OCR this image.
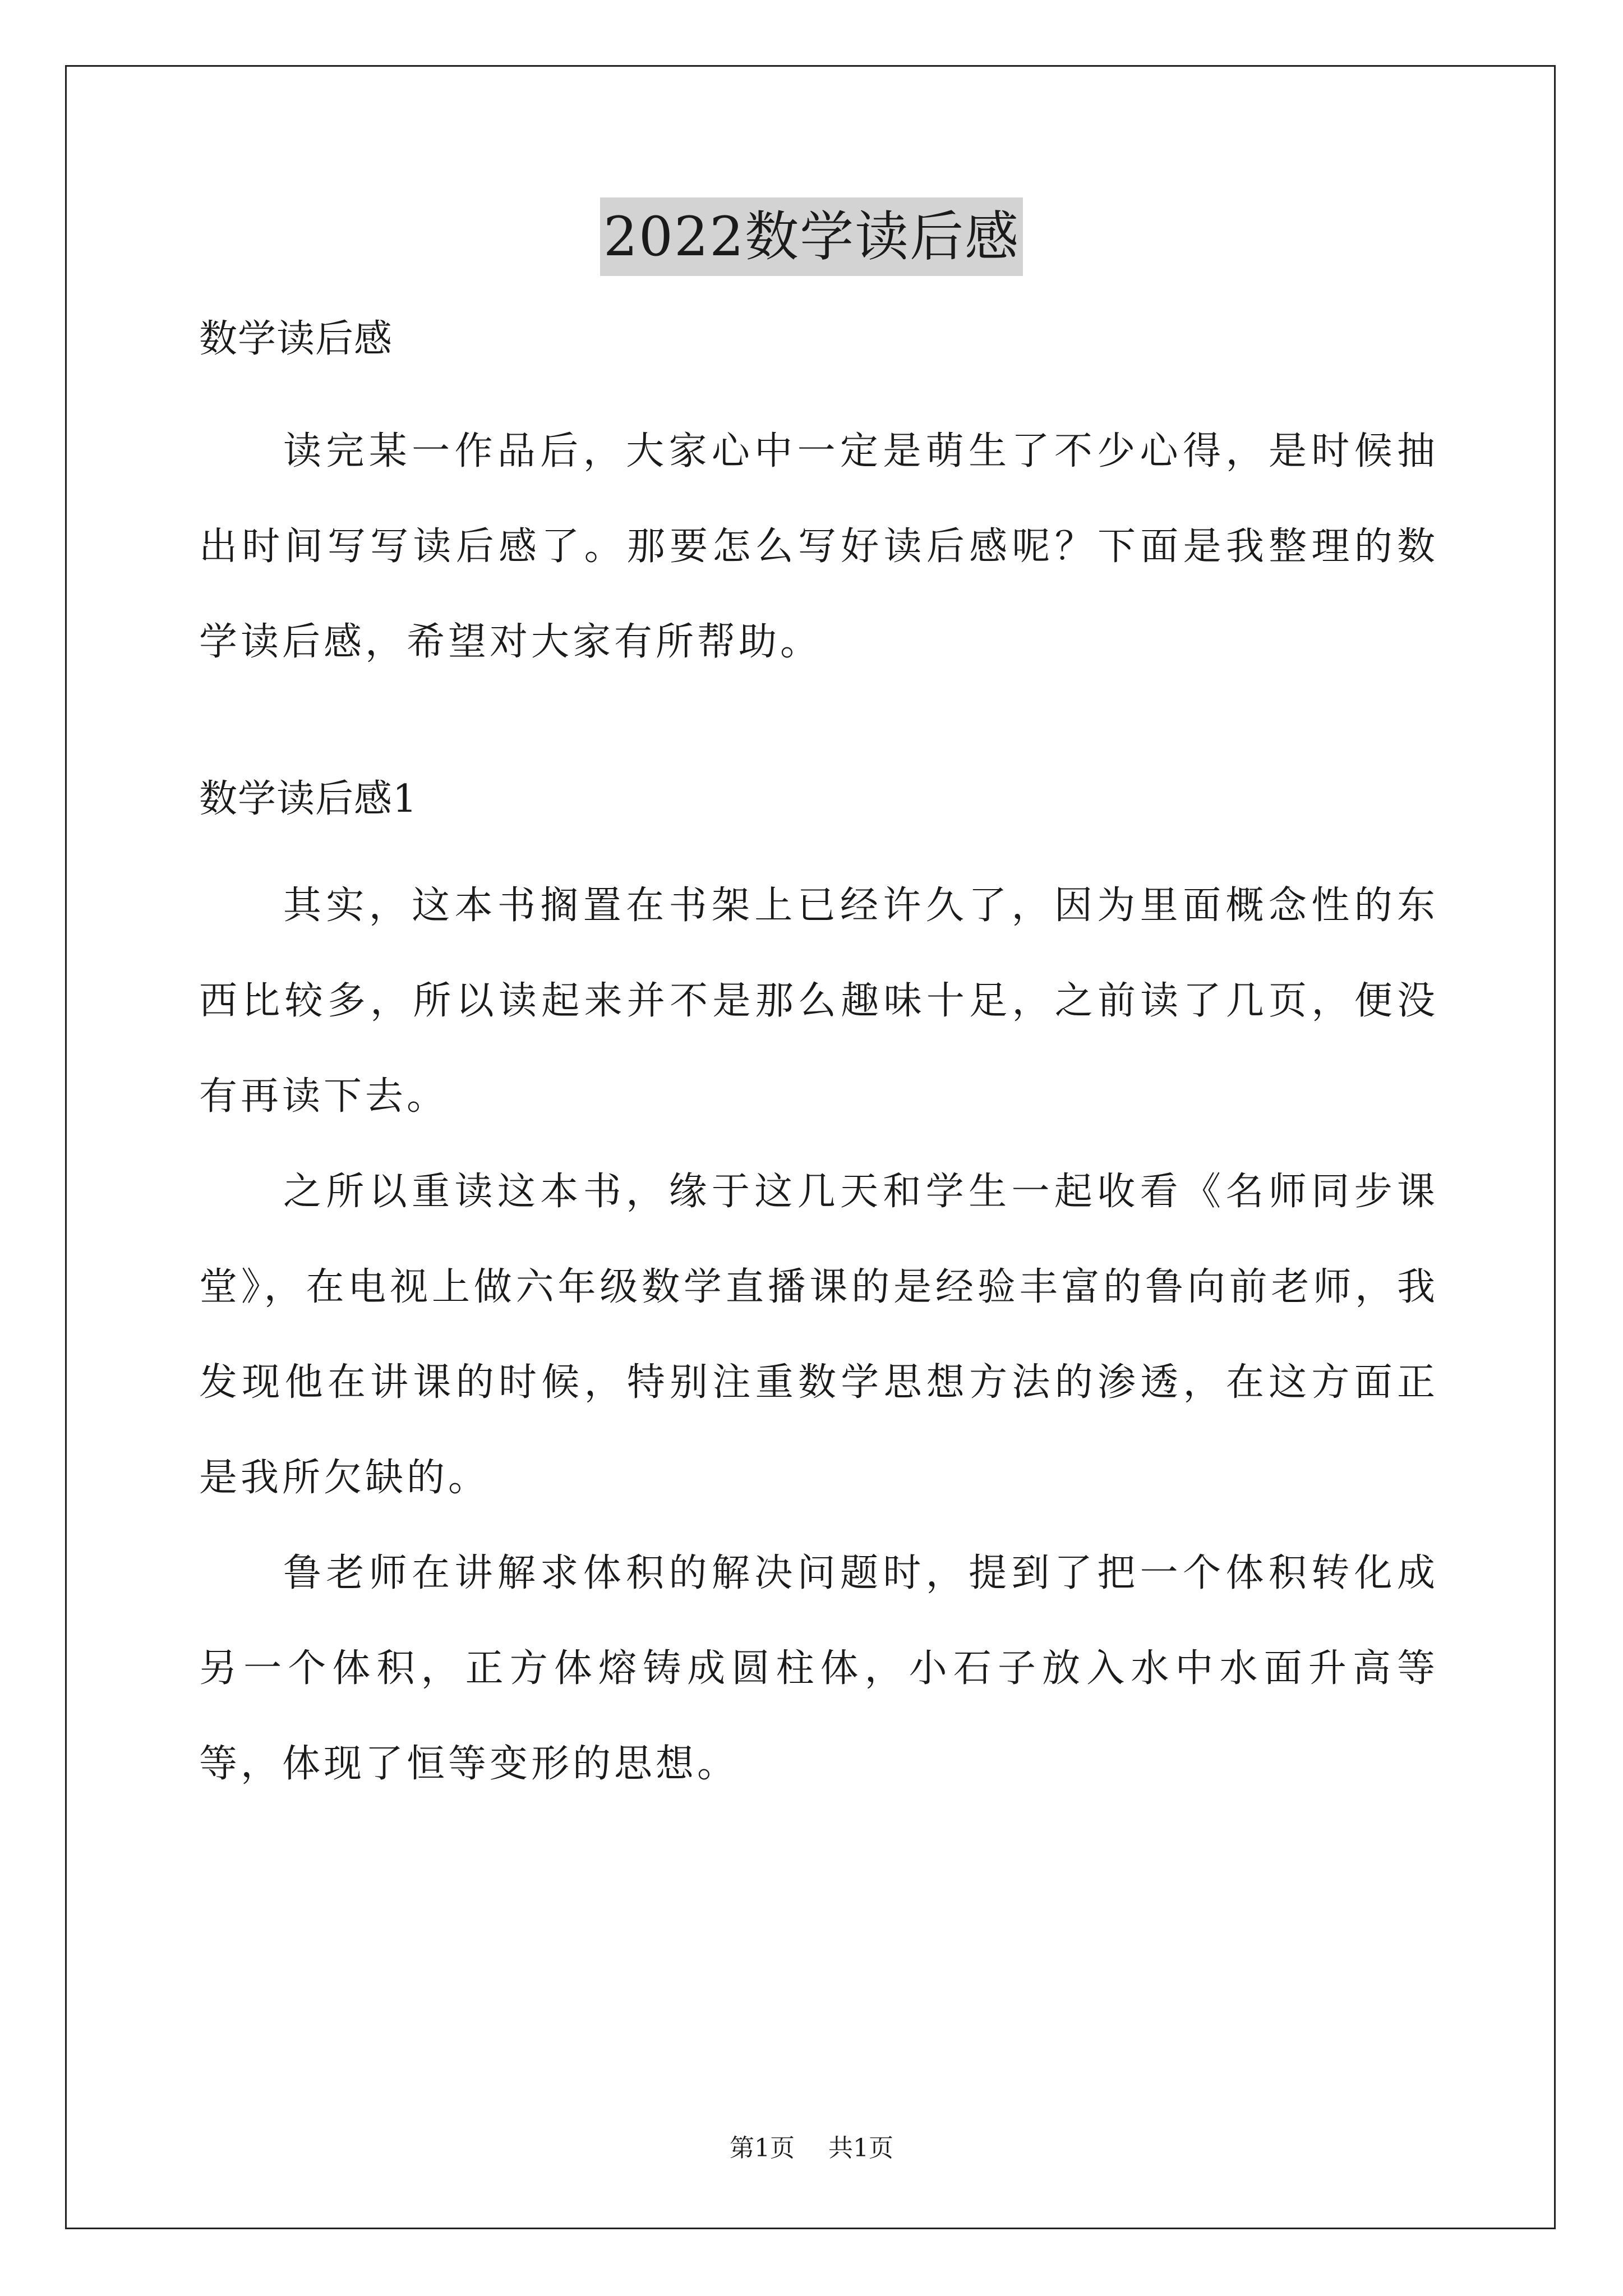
2022数学读后感

数学读后感

读完某一作品后，大家心中一定是萌生了不少心得，是时候抽出时间写写读后感了。那要怎么写好读后感呢？下面是我整理的数学读后感，希望对大家有所帮助。

数学读后感1

其实，这本书搁置在书架上已经许久了，因为里面概念性的东西比较多，所以读起来并不是那么趣味十足，之前读了几页，便没有再读下去。

之所以重读这本书，缘于这几天和学生一起收看《名师同步课堂》，在电视上做六年级数学直播课的是经验丰富的鲁向前老师，我发现他在讲课的时候，特别注重数学思想方法的渗透，在这方面正是我所欠缺的。

鲁老师在讲解求体积的解决问题时，提到了把一个体积转化成另一个体积，正方体熔铸成圆柱体，小石子放入水中水面升高等等，体现了恒等变形的思想。

第1页 共1页
